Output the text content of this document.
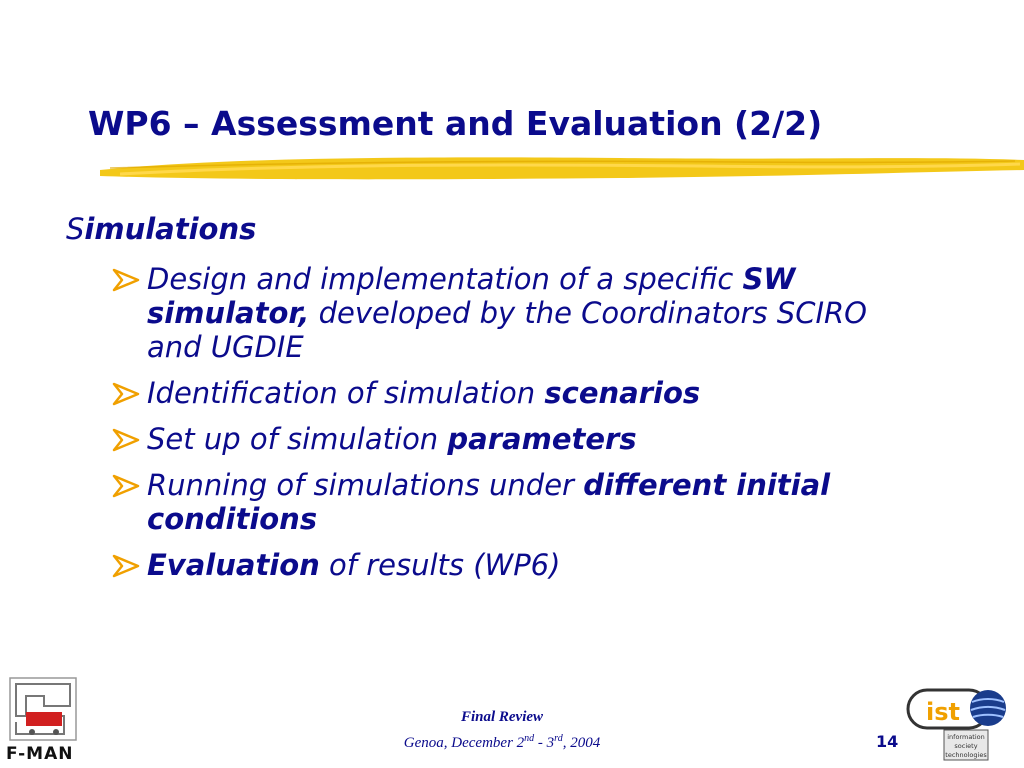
WP6 – Assessment and Evaluation (2/2)
Simulations
Design and implementation of a specific SW simulator, developed by the Coordinators SCIRO and UGDIE
Identification of simulation scenarios
Set up of simulation parameters
Running of simulations under different initial conditions
Evaluation of results (WP6)
F-MAN
Final Review
Genoa, December 2nd - 3rd, 2004	14
ist
information
society
technologies
